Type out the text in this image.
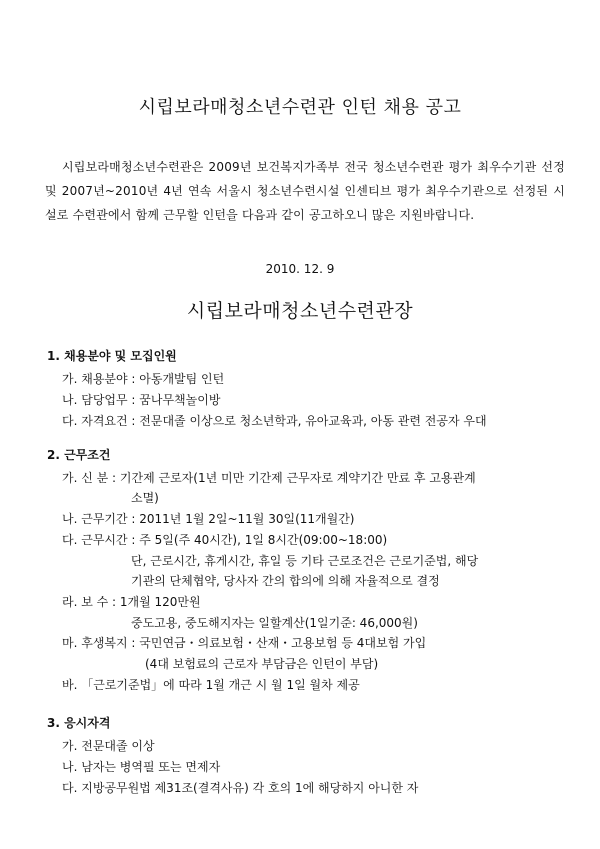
시립보라매청소년수련관 인턴 채용 공고
시립보라매청소년수련관은 2009년 보건복지가족부 전국 청소년수련관 평가 최우수기관 선정 및 2007년~2010년 4년 연속 서울시 청소년수련시설 인센티브 평가 최우수기관으로 선정된 시설로 수련관에서 함께 근무할 인턴을 다음과 같이 공고하오니 많은 지원바랍니다.
2010. 12. 9
시립보라매청소년수련관장
1. 채용분야 및 모집인원
가. 채용분야 : 아동개발팀 인턴
나. 담당업무 : 꿈나무책놀이방
다. 자격요건 : 전문대졸 이상으로 청소년학과, 유아교육과, 아동 관련 전공자 우대
2. 근무조건
가. 신 분 : 기간제 근로자(1년 미만 기간제 근무자로 계약기간 만료 후 고용관계
소멸)
나. 근무기간 : 2011년 1월 2일~11월 30일(11개월간)
다. 근무시간 : 주 5일(주 40시간), 1일 8시간(09:00~18:00)
단, 근로시간, 휴게시간, 휴일 등 기타 근로조건은 근로기준법, 해당
기관의 단체협약, 당사자 간의 합의에 의해 자율적으로 결정
라. 보 수 : 1개월 120만원
중도고용, 중도해지자는 일할계산(1일기준: 46,000원)
마. 후생복지 : 국민연금・의료보험・산재・고용보험 등 4대보험 가입
(4대 보험료의 근로자 부담금은 인턴이 부담)
바. 「근로기준법」에 따라 1월 개근 시 월 1일 월차 제공
3. 응시자격
가. 전문대졸 이상
나. 남자는 병역필 또는 면제자
다. 지방공무원법 제31조(결격사유) 각 호의 1에 해당하지 아니한 자
